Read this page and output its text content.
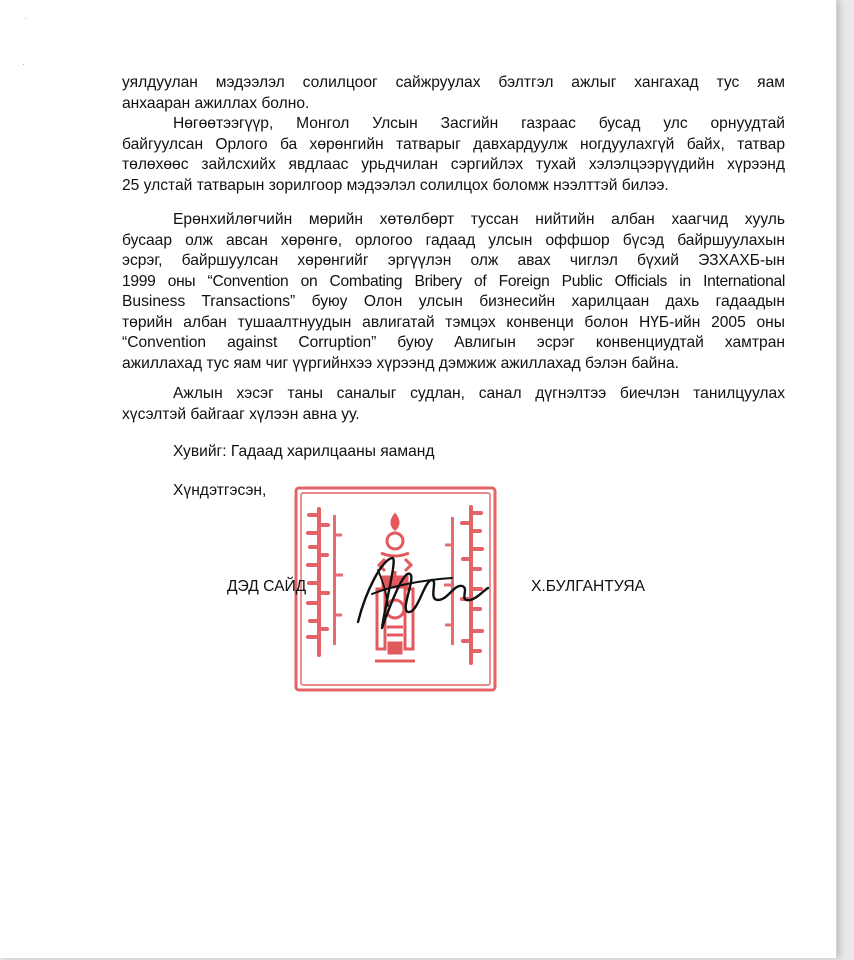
·
·
уялдуулан мэдээлэл солилцоог сайжруулах бэлтгэл ажлыг хангахад тус яам
анхааран ажиллах болно.
Нөгөөтээгүүр, Монгол Улсын Засгийн газраас бусад улс орнуудтай
байгуулсан Орлого ба хөрөнгийн татварыг давхардуулж ногдуулахгүй байх, татвар
төлөхөөс зайлсхийх явдлаас урьдчилан сэргийлэх тухай хэлэлцээрүүдийн хүрээнд
25 улстай татварын зорилгоор мэдээлэл солилцох боломж нээлттэй билээ.
Ерөнхийлөгчийн мөрийн хөтөлбөрт туссан нийтийн албан хаагчид хууль
бусаар олж авсан хөрөнгө, орлогоо гадаад улсын оффшор бүсэд байршуулахын
эсрэг, байршуулсан хөрөнгийг эргүүлэн олж авах чиглэл бүхий ЭЗХАХБ-ын
1999 оны “Convention on Combating Bribery of Foreign Public Officials in International
Business Transactions” буюу Олон улсын бизнесийн харилцаан дахь гадаадын
төрийн албан тушаалтнуудын авлигатай тэмцэх конвенци болон НҮБ-ийн 2005 оны
“Convention against Corruption” буюу Авлигын эсрэг конвенциудтай хамтран
ажиллахад тус яам чиг үүргийнхээ хүрээнд дэмжиж ажиллахад бэлэн байна.
Ажлын хэсэг таны саналыг судлан, санал дүгнэлтээ биечлэн танилцуулах
хүсэлтэй байгааг хүлээн авна уу.

Хувийг: Гадаад харилцааны яаманд

Хүндэтгэсэн,

ДЭД САЙД	Х.БУЛГАНТУЯА
